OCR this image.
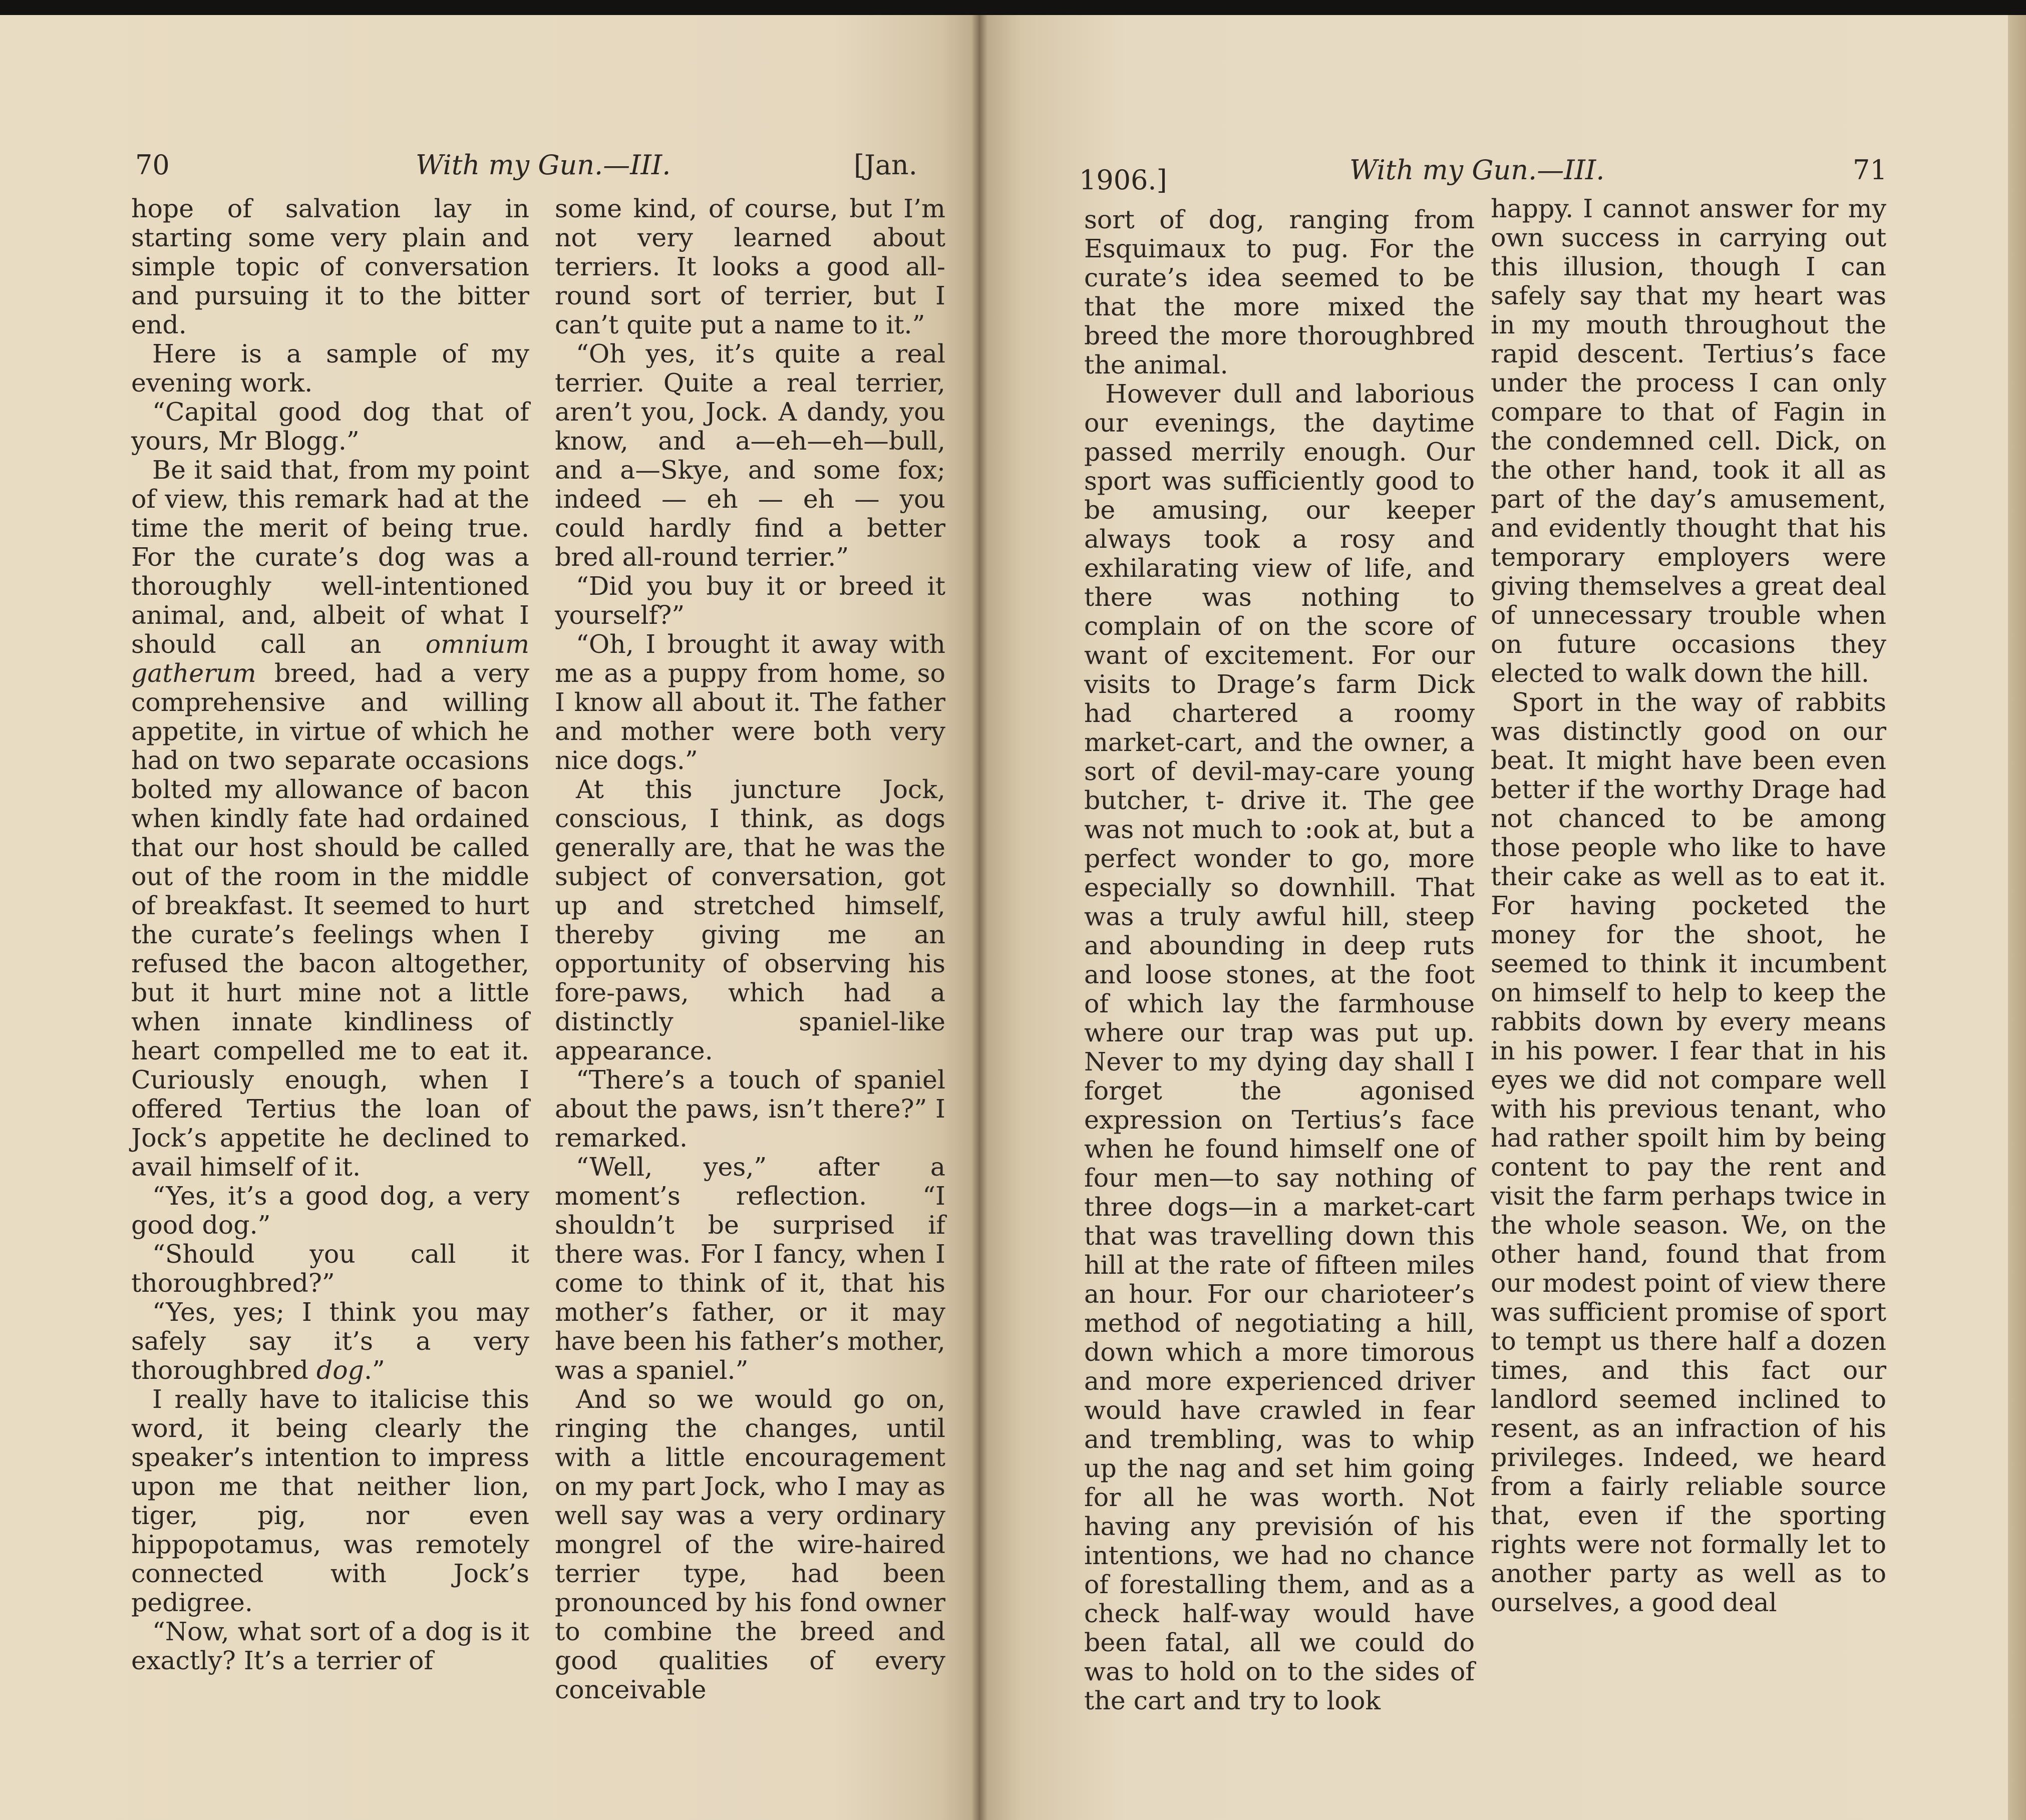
70	With my Gun.—III.	[Jan.

hope of salvation lay in starting some very plain and simple topic of conversation and pursuing it to the bitter end.

Here is a sample of my evening work.

“Capital good dog that of yours, Mr Blogg.”

Be it said that, from my point of view, this remark had at the time the merit of being true. For the curate’s dog was a thoroughly well-intentioned animal, and, albeit of what I should call an omnium gatherum breed, had a very comprehensive and willing appetite, in virtue of which he had on two separate occasions bolted my allowance of bacon when kindly fate had ordained that our host should be called out of the room in the middle of breakfast. It seemed to hurt the curate’s feelings when I refused the bacon altogether, but it hurt mine not a little when innate kindliness of heart compelled me to eat it. Curiously enough, when I offered Tertius the loan of Jock’s appetite he declined to avail himself of it.

“Yes, it’s a good dog, a very good dog.”

“Should you call it thoroughbred?”

“Yes, yes; I think you may safely say it’s a very thoroughbred dog.”

I really have to italicise this word, it being clearly the speaker’s intention to impress upon me that neither lion, tiger, pig, nor even hippopotamus, was remotely connected with Jock’s pedigree.

“Now, what sort of a dog is it exactly? It’s a terrier of

some kind, of course, but I’m not very learned about terriers. It looks a good all-round sort of terrier, but I can’t quite put a name to it.”

“Oh yes, it’s quite a real terrier. Quite a real terrier, aren’t you, Jock. A dandy, you know, and a—eh—eh—bull, and a—Skye, and some fox; indeed — eh — eh — you could hardly find a better bred all-round terrier.”

“Did you buy it or breed it yourself?”

“Oh, I brought it away with me as a puppy from home, so I know all about it. The father and mother were both very nice dogs.”

At this juncture Jock, conscious, I think, as dogs generally are, that he was the subject of conversation, got up and stretched himself, thereby giving me an opportunity of observing his fore-paws, which had a distinctly spaniel-like appearance.

“There’s a touch of spaniel about the paws, isn’t there?” I remarked.

“Well, yes,” after a moment’s reflection. “I shouldn’t be surprised if there was. For I fancy, when I come to think of it, that his mother’s father, or it may have been his father’s mother, was a spaniel.”

And so we would go on, ringing the changes, until with a little encouragement on my part Jock, who I may as well say was a very ordinary mongrel of the wire-haired terrier type, had been pronounced by his fond owner to combine the breed and good qualities of every conceivable

1906.]	With my Gun.—III.	71

sort of dog, ranging from Esquimaux to pug. For the curate’s idea seemed to be that the more mixed the breed the more thoroughbred the animal.

However dull and laborious our evenings, the daytime passed merrily enough. Our sport was sufficiently good to be amusing, our keeper always took a rosy and exhilarating view of life, and there was nothing to complain of on the score of want of excitement. For our visits to Drage’s farm Dick had chartered a roomy market-cart, and the owner, a sort of devil-may-care young butcher, t- drive it. The gee was not much to :ook at, but a perfect wonder to go, more especially so downhill. That was a truly awful hill, steep and abounding in deep ruts and loose stones, at the foot of which lay the farmhouse where our trap was put up. Never to my dying day shall I forget the agonised expression on Tertius’s face when he found himself one of four men—to say nothing of three dogs—in a market-cart that was travelling down this hill at the rate of fifteen miles an hour. For our charioteer’s method of negotiating a hill, down which a more timorous and more experienced driver would have crawled in fear and trembling, was to whip up the nag and set him going for all he was worth. Not having any previsión of his intentions, we had no chance of forestalling them, and as a check half-way would have been fatal, all we could do was to hold on to the sides of the cart and try to look

happy. I cannot answer for my own success in carrying out this illusion, though I can safely say that my heart was in my mouth throughout the rapid descent. Tertius’s face under the process I can only compare to that of Fagin in the condemned cell. Dick, on the other hand, took it all as part of the day’s amusement, and evidently thought that his temporary employers were giving themselves a great deal of unnecessary trouble when on future occasions they elected to walk down the hill.

Sport in the way of rabbits was distinctly good on our beat. It might have been even better if the worthy Drage had not chanced to be among those people who like to have their cake as well as to eat it. For having pocketed the money for the shoot, he seemed to think it incumbent on himself to help to keep the rabbits down by every means in his power. I fear that in his eyes we did not compare well with his previous tenant, who had rather spoilt him by being content to pay the rent and visit the farm perhaps twice in the whole season. We, on the other hand, found that from our modest point of view there was sufficient promise of sport to tempt us there half a dozen times, and this fact our landlord seemed inclined to resent, as an infraction of his privileges. Indeed, we heard from a fairly reliable source that, even if the sporting rights were not formally let to another party as well as to ourselves, a good deal
